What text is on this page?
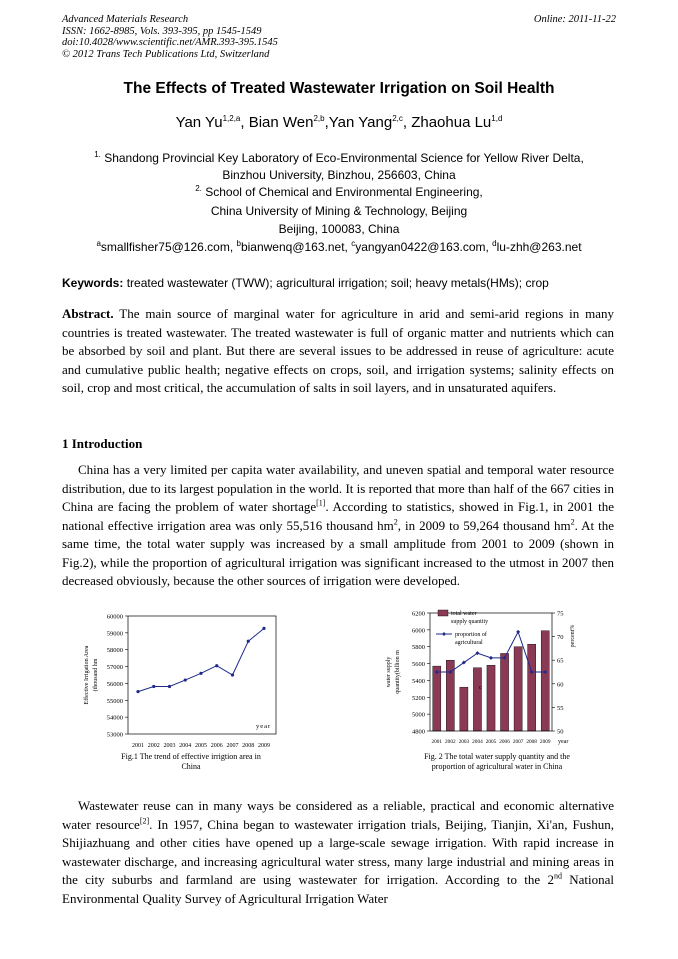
Advanced Materials Research
ISSN: 1662-8985, Vols. 393-395, pp 1545-1549
doi:10.4028/www.scientific.net/AMR.393-395.1545
© 2012 Trans Tech Publications Ltd, Switzerland
Online: 2011-11-22
The Effects of Treated Wastewater Irrigation on Soil Health
Yan Yu$^{1,2,a}$, Bian Wen$^{2,b}$,Yan Yang$^{2,c}$, Zhaohua Lu$^{1,d}$
$^{1.}$ Shandong Provincial Key Laboratory of Eco-Environmental Science for Yellow River Delta,
Binzhou University, Binzhou, 256603, China
$^{2.}$ School of Chemical and Environmental Engineering,
China University of Mining & Technology, Beijing
Beijing, 100083, China
$^a$smallfisher75@126.com, $^b$bianwenq@163.net, $^c$yangyan0422@163.com, $^d$lu-zhh@263.net
Keywords: treated wastewater (TWW); agricultural irrigation; soil; heavy metals(HMs); crop
Abstract. The main source of marginal water for agriculture in arid and semi-arid regions in many countries is treated wastewater. The treated wastewater is full of organic matter and nutrients which can be absorbed by soil and plant. But there are several issues to be addressed in reuse of agriculture: acute and cumulative public health; negative effects on crops, soil, and irrigation systems; salinity effects on soil, crop and most critical, the accumulation of salts in soil layers, and in unsaturated aquifers.
1 Introduction
China has a very limited per capita water availability, and uneven spatial and temporal water resource distribution, due to its largest population in the world. It is reported that more than half of the 667 cities in China are facing the problem of water shortage[1]. According to statistics, showed in Fig.1, in 2001 the national effective irrigation area was only 55,516 thousand $hm^2$, in 2009 to 59,264 thousand $hm^2$. At the same time, the total water supply was increased by a small amplitude from 2001 to 2009 (shown in Fig.2), while the proportion of agricultural irrigation was significant increased to the utmost in 2007 then decreased obviously, because the other sources of irrigation were developed.
53000
54000
55000
56000
57000
58000
59000
60000
2001 2002 2003 2004 2005 2006 2007 2008 2009
year
Effective Irrigation Area (thousand hm
Fig.1 The trend of effective irrigtion area in
China
4800
5000
5200
5400
5600
5800
6000
6200
50
55
60
65
70
75
2001 2002 2003 2004 2005 2006 2007 2008 2009 year
total water
supply quantity
proportion of
agricultural
c
water supply quantity(billion m
percent%
Fig. 2 The total water supply quantity and the
proportion of agricultural water in China
Wastewater reuse can in many ways be considered as a reliable, practical and economic alternative water resource[2]. In 1957, China began to wastewater irrigation trials, Beijing, Tianjin, Xi'an, Fushun, Shijiazhuang and other cities have opened up a large-scale sewage irrigation. With rapid increase in wastewater discharge, and increasing agricultural water stress, many large industrial and mining areas in the city suburbs and farmland are using wastewater for irrigation. According to the 2nd National Environmental Quality Survey of Agricultural Irrigation Water
